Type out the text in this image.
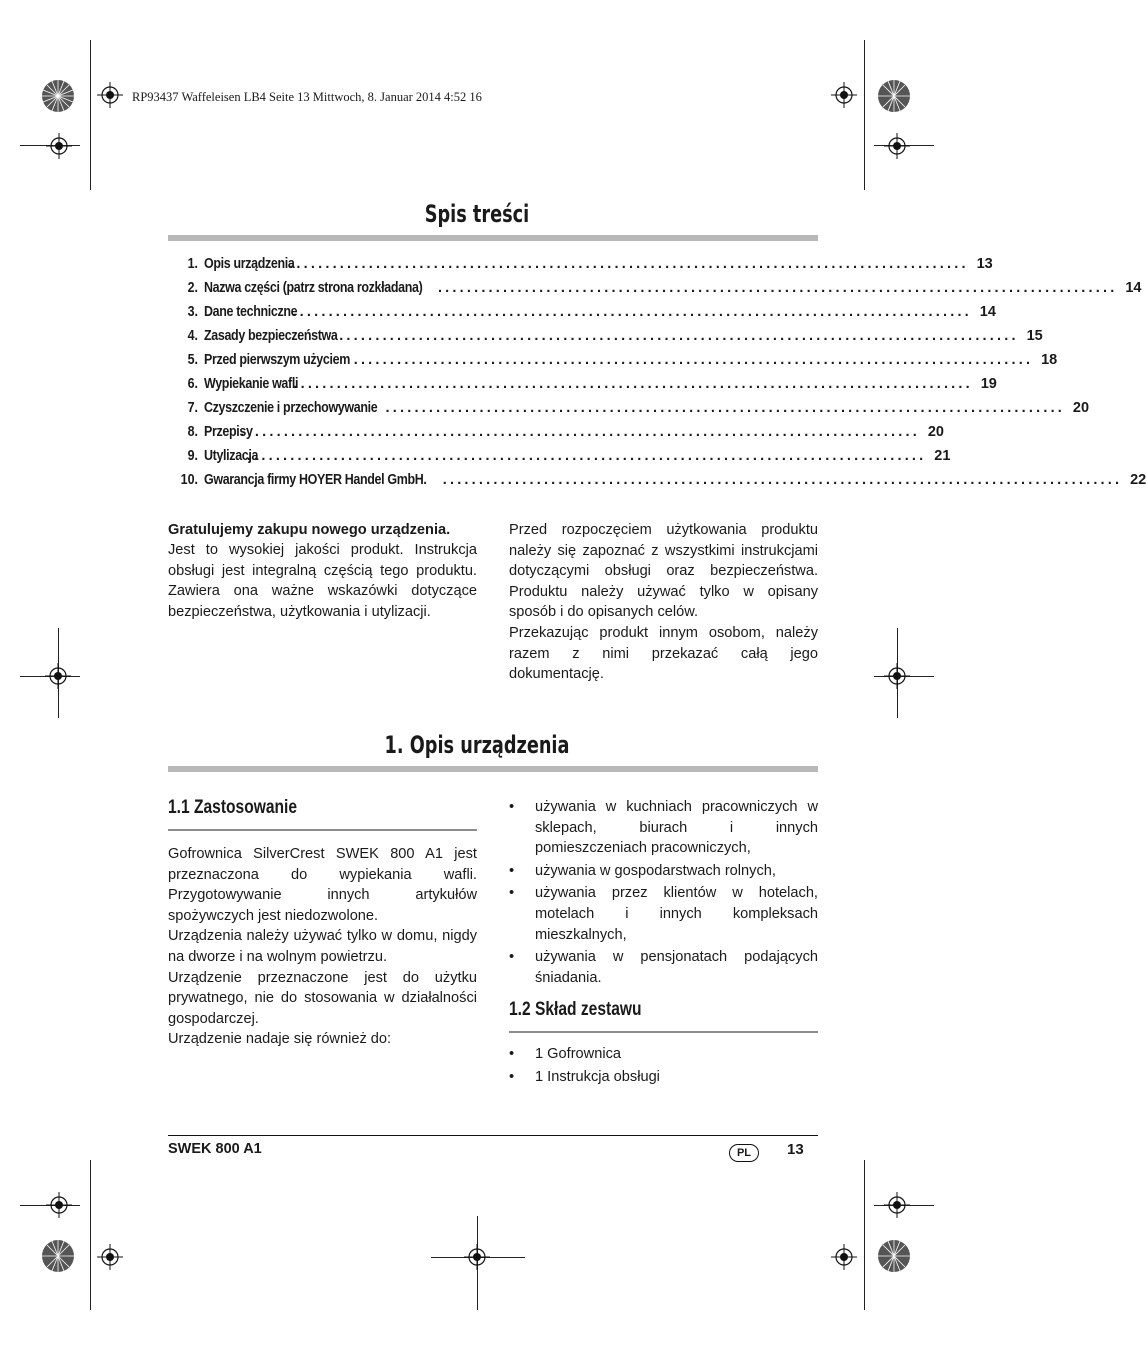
RP93437 Waffeleisen LB4 Seite 13 Mittwoch, 8. Januar 2014 4:52 16
Spis treści
1. Opis urządzenia
.............................................................................................. 13
2. Nazwa części (patrz strona rozkładana) .............................................................................................. 14
3. Dane techniczne
.............................................................................................. 14
4. Zasady bezpieczeństwa .............................................................................................. 15
5. Przed pierwszym użyciem .............................................................................................. 18
6. Wypiekanie wafli
.............................................................................................. 19
7. Czyszczenie i przechowywanie .............................................................................................. 20
8. Przepisy
.............................................................................................. 20
9. Utylizacja
.............................................................................................. 21
10. Gwarancja firmy HOYER Handel GmbH. .............................................................................................. 22

Gratulujemy zakupu nowego urządzenia.

Jest to wysokiej jakości produkt. Instrukcja obsługi jest integralną częścią tego produktu. Zawiera ona ważne wskazówki dotyczące bezpieczeństwa, użytkowania i utylizacji.

Przed rozpoczęciem użytkowania produktu należy się zapoznać z wszystkimi instrukcjami dotyczącymi obsługi oraz bezpieczeństwa. Produktu należy używać tylko w opisany sposób i do opisanych celów.

Przekazując produkt innym osobom, należy razem z nimi przekazać całą jego dokumentację.

1. Opis urządzenia
1.1 Zastosowanie

Gofrownica SilverCrest SWEK 800 A1 jest przeznaczona do wypiekania wafli. Przygotowywanie innych artykułów spożywczych jest niedozwolone.

Urządzenia należy używać tylko w domu, nigdy na dworze i na wolnym powietrzu.

Urządzenie przeznaczone jest do użytku prywatnego, nie do stosowania w działalności gospodarczej.

Urządzenie nadaje się również do:

• używania w kuchniach pracowniczych w sklepach, biurach i innych pomieszczeniach pracowniczych,
• używania w gospodarstwach rolnych,
• używania przez klientów w hotelach, motelach i innych kompleksach mieszkalnych,
• używania w pensjonatach podających śniadania.
1.2 Skład zestawu
• 1 Gofrownica
• 1 Instrukcja obsługi
SWEK 800 A1	PL	13
